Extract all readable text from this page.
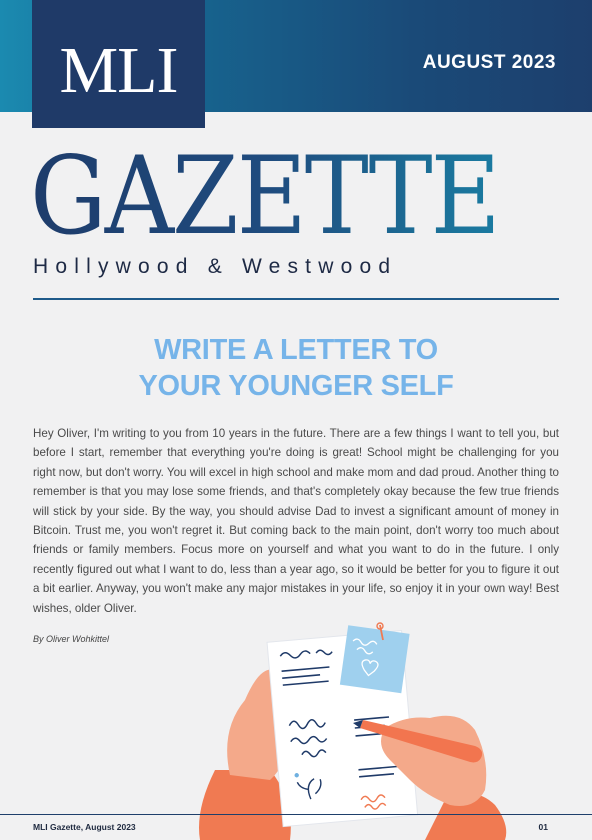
MLI	AUGUST 2023
GAZETTE
Hollywood & Westwood
WRITE A LETTER TO
YOUR YOUNGER SELF

Hey Oliver, I'm writing to you from 10 years in the future. There are a few things I want to tell you, but before I start, remember that everything you're doing is great! School might be challenging for you right now, but don't worry. You will excel in high school and make mom and dad proud. Another thing to remember is that you may lose some friends, and that's completely okay because the few true friends will stick by your side. By the way, you should advise Dad to invest a significant amount of money in Bitcoin. Trust me, you won't regret it. But coming back to the main point, don't worry too much about friends or family members. Focus more on yourself and what you want to do in the future. I only recently figured out what I want to do, less than a year ago, so it would be better for you to figure it out a bit earlier. Anyway, you won't make any major mistakes in your life, so enjoy it in your own way! Best wishes, older Oliver.

By Oliver Wohkittel
MLI Gazette, August 2023	01
